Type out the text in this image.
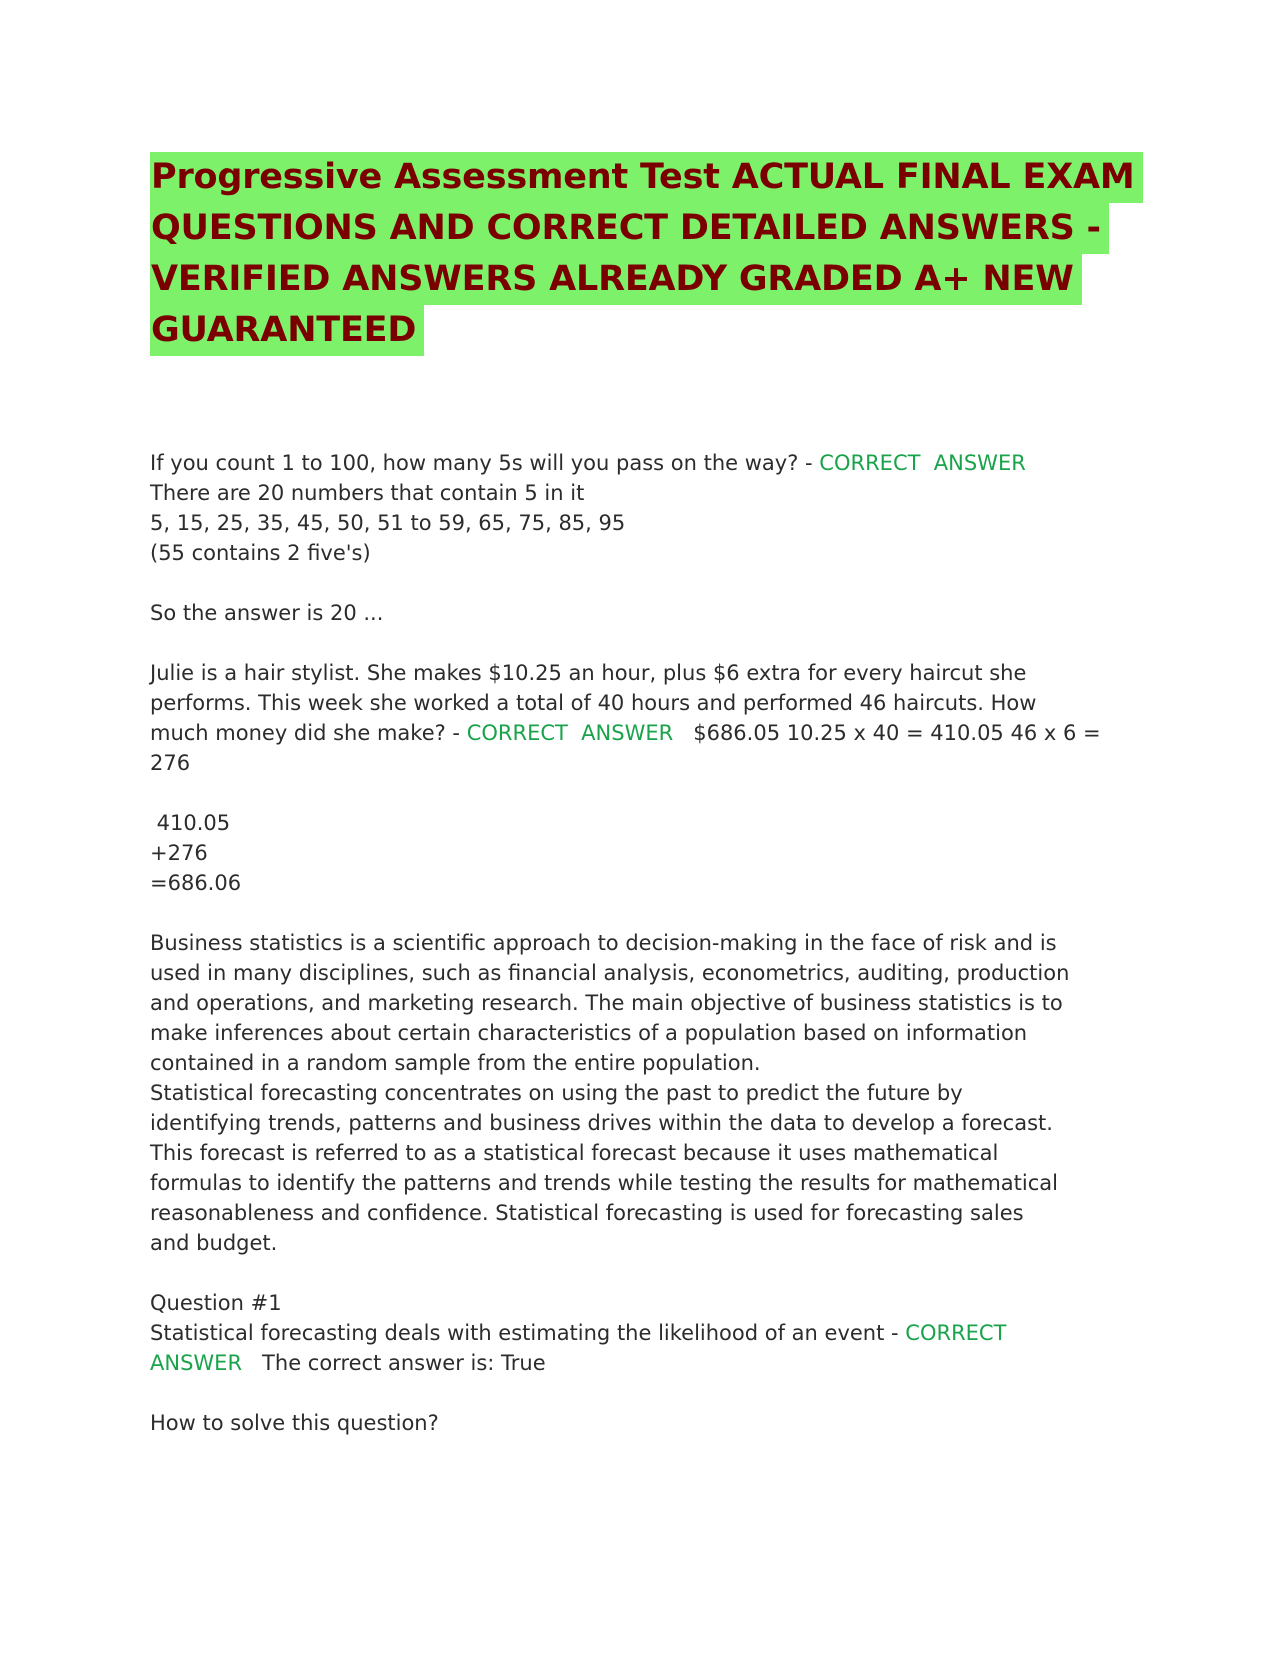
Progressive Assessment Test ACTUAL FINAL EXAM
QUESTIONS AND CORRECT DETAILED ANSWERS -
VERIFIED ANSWERS ALREADY GRADED A+ NEW
GUARANTEED
If you count 1 to 100, how many 5s will you pass on the way? - CORRECT  ANSWER
There are 20 numbers that contain 5 in it
5, 15, 25, 35, 45, 50, 51 to 59, 65, 75, 85, 95
(55 contains 2 five's)
So the answer is 20 ...
Julie is a hair stylist. She makes $10.25 an hour, plus $6 extra for every haircut she
performs. This week she worked a total of 40 hours and performed 46 haircuts. How
much money did she make? - CORRECT  ANSWER   $686.05 10.25 x 40 = 410.05 46 x 6 =
276
410.05
+276
=686.06
Business statistics is a scientific approach to decision-making in the face of risk and is
used in many disciplines, such as financial analysis, econometrics, auditing, production
and operations, and marketing research. The main objective of business statistics is to
make inferences about certain characteristics of a population based on information
contained in a random sample from the entire population.
Statistical forecasting concentrates on using the past to predict the future by
identifying trends, patterns and business drives within the data to develop a forecast.
This forecast is referred to as a statistical forecast because it uses mathematical
formulas to identify the patterns and trends while testing the results for mathematical
reasonableness and confidence. Statistical forecasting is used for forecasting sales
and budget.
Question #1
Statistical forecasting deals with estimating the likelihood of an event - CORRECT
ANSWER   The correct answer is: True
How to solve this question?
